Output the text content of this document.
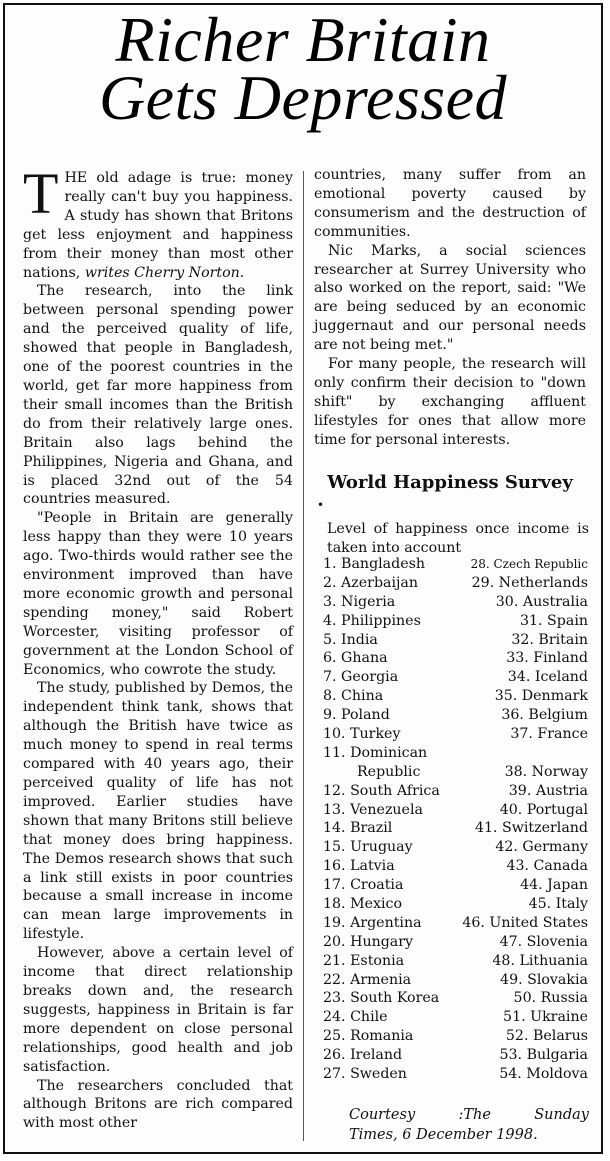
Richer Britain
Gets Depressed

THE old adage is true: money really can't buy you happiness. A study has shown that Britons get less enjoyment and happiness from their money than most other nations, writes Cherry Norton.

The research, into the link between personal spending power and the perceived quality of life, showed that people in Bangladesh, one of the poorest countries in the world, get far more happiness from their small incomes than the British do from their relatively large ones. Britain also lags behind the Philippines, Nigeria and Ghana, and is placed 32nd out of the 54 countries measured.

"People in Britain are generally less happy than they were 10 years ago. Two-thirds would rather see the environment improved than have more economic growth and personal spending money," said Robert Worcester, visiting professor of government at the London School of Economics, who cowrote the study.

The study, published by Demos, the independent think tank, shows that although the British have twice as much money to spend in real terms compared with 40 years ago, their perceived quality of life has not improved. Earlier studies have shown that many Britons still believe that money does bring happiness. The Demos research shows that such a link still exists in poor countries because a small increase in income can mean large improvements in lifestyle.

However, above a certain level of income that direct relationship breaks down and, the research suggests, happiness in Britain is far more dependent on close personal relationships, good health and job satisfaction.

The researchers concluded that although Britons are rich compared with most other

countries, many suffer from an emotional poverty caused by consumerism and the destruction of communities.

Nic Marks, a social sciences researcher at Surrey University who also worked on the report, said: "We are being seduced by an economic juggernaut and our personal needs are not being met."

For many people, the research will only confirm their decision to "down shift" by exchanging affluent lifestyles for ones that allow more time for personal interests.

World Happiness Survey
•
Level of happiness once income is taken into account
1. Bangladesh
2. Azerbaijan
3. Nigeria
4. Philippines
5. India
6. Ghana
7. Georgia
8. China
9. Poland
10. Turkey
11. Dominican
Republic
12. South Africa
13. Venezuela
14. Brazil
15. Uruguay
16. Latvia
17. Croatia
18. Mexico
19. Argentina
20. Hungary
21. Estonia
22. Armenia
23. South Korea
24. Chile
25. Romania
26. Ireland
27. Sweden
28. Czech Republic
29. Netherlands
30. Australia
31. Spain
32. Britain
33. Finland
34. Iceland
35. Denmark
36. Belgium
37. France
38. Norway
39. Austria
40. Portugal
41. Switzerland
42. Germany
43. Canada
44. Japan
45. Italy
46. United States
47. Slovenia
48. Lithuania
49. Slovakia
50. Russia
51. Ukraine
52. Belarus
53. Bulgaria
54. Moldova
Courtesy	:The	Sunday
Times, 6 December 1998.
